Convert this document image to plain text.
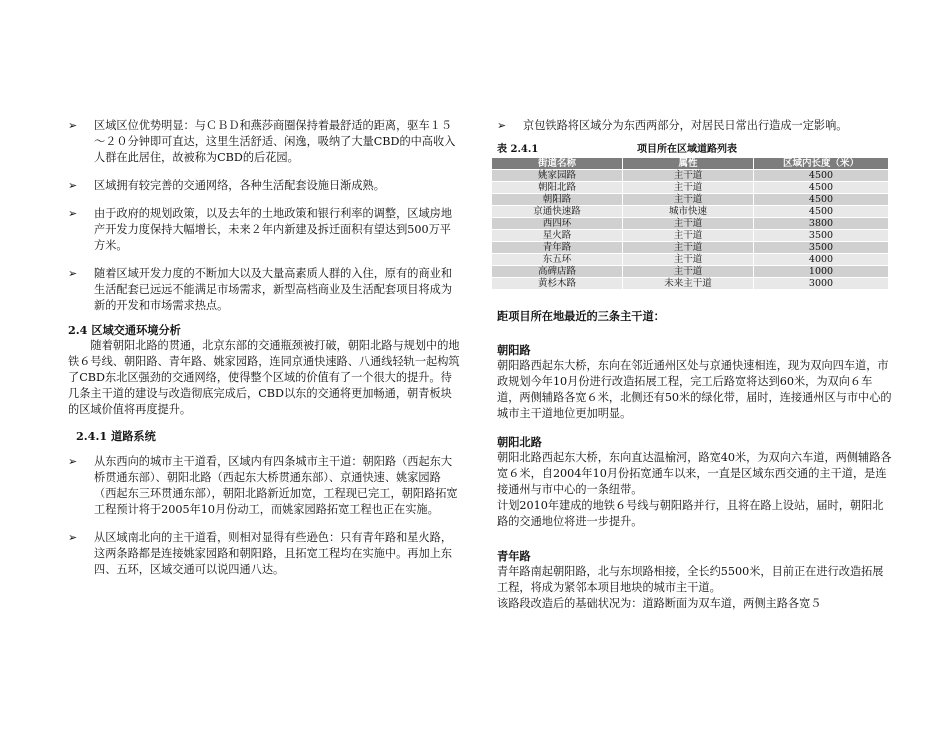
➢ 区域区位优势明显：与ＣＢＤ和燕莎商圈保持着最舒适的距离，驱车１５～２０分钟即可直达，这里生活舒适、闲逸，吸纳了大量CBD的中高收入人群在此居住，故被称为CBD的后花园。
➢ 区域拥有较完善的交通网络，各种生活配套设施日渐成熟。
➢ 由于政府的规划政策，以及去年的土地政策和银行利率的调整，区域房地产开发力度保持大幅增长，未来２年内新建及拆迁面积有望达到500万平方米。
➢ 随着区域开发力度的不断加大以及大量高素质人群的入住，原有的商业和生活配套已远远不能满足市场需求，新型高档商业及生活配套项目将成为新的开发和市场需求热点。

2.4 区域交通环境分析

随着朝阳北路的贯通，北京东部的交通瓶颈被打破，朝阳北路与规划中的地铁６号线、朝阳路、青年路、姚家园路，连同京通快速路、八通线轻轨一起构筑了CBD东北区强劲的交通网络，使得整个区域的价值有了一个很大的提升。待几条主干道的建设与改造彻底完成后，CBD以东的交通将更加畅通，朝青板块的区域价值将再度提升。

2.4.1 道路系统

➢ 从东西向的城市主干道看，区域内有四条城市主干道：朝阳路（西起东大桥贯通东部）、朝阳北路（西起东大桥贯通东部）、京通快速、姚家园路（西起东三环贯通东部），朝阳北路新近加宽，工程现已完工，朝阳路拓宽工程预计将于2005年10月份动工，而姚家园路拓宽工程也正在实施。
➢ 从区域南北向的主干道看，则相对显得有些逊色：只有青年路和星火路，这两条路都是连接姚家园路和朝阳路，且拓宽工程均在实施中。再加上东四、五环，区域交通可以说四通八达。
➢ 京包铁路将区域分为东西两部分，对居民日常出行造成一定影响。
表 2.4.1	项目所在区域道路列表
街道名称	属性	区域内长度（米）
姚家园路	主干道	4500
朝阳北路	主干道	4500
朝阳路	主干道	4500
京通快速路	城市快速	4500
西四环	主干道	3800
星火路	主干道	3500
青年路	主干道	3500
东五环	主干道	4000
高碑店路	主干道	1000
黄杉木路	未来主干道	3000

距项目所在地最近的三条主干道：

朝阳路

朝阳路西起东大桥，东向在邻近通州区处与京通快速相连，现为双向四车道，市政规划今年10月份进行改造拓展工程，完工后路宽将达到60米，为双向６车道，两侧辅路各宽６米，北侧还有50米的绿化带，届时，连接通州区与市中心的城市主干道地位更加明显。

朝阳北路

朝阳北路西起东大桥，东向直达温榆河，路宽40米，为双向六车道，两侧辅路各宽６米，自2004年10月份拓宽通车以来，一直是区域东西交通的主干道，是连接通州与市中心的一条纽带。

计划2010年建成的地铁６号线与朝阳路并行，且将在路上设站，届时，朝阳北路的交通地位将进一步提升。

青年路

青年路南起朝阳路，北与东坝路相接，全长约5500米，目前正在进行改造拓展工程，将成为紧邻本项目地块的城市主干道。

该路段改造后的基础状况为：道路断面为双车道，两侧主路各宽５
